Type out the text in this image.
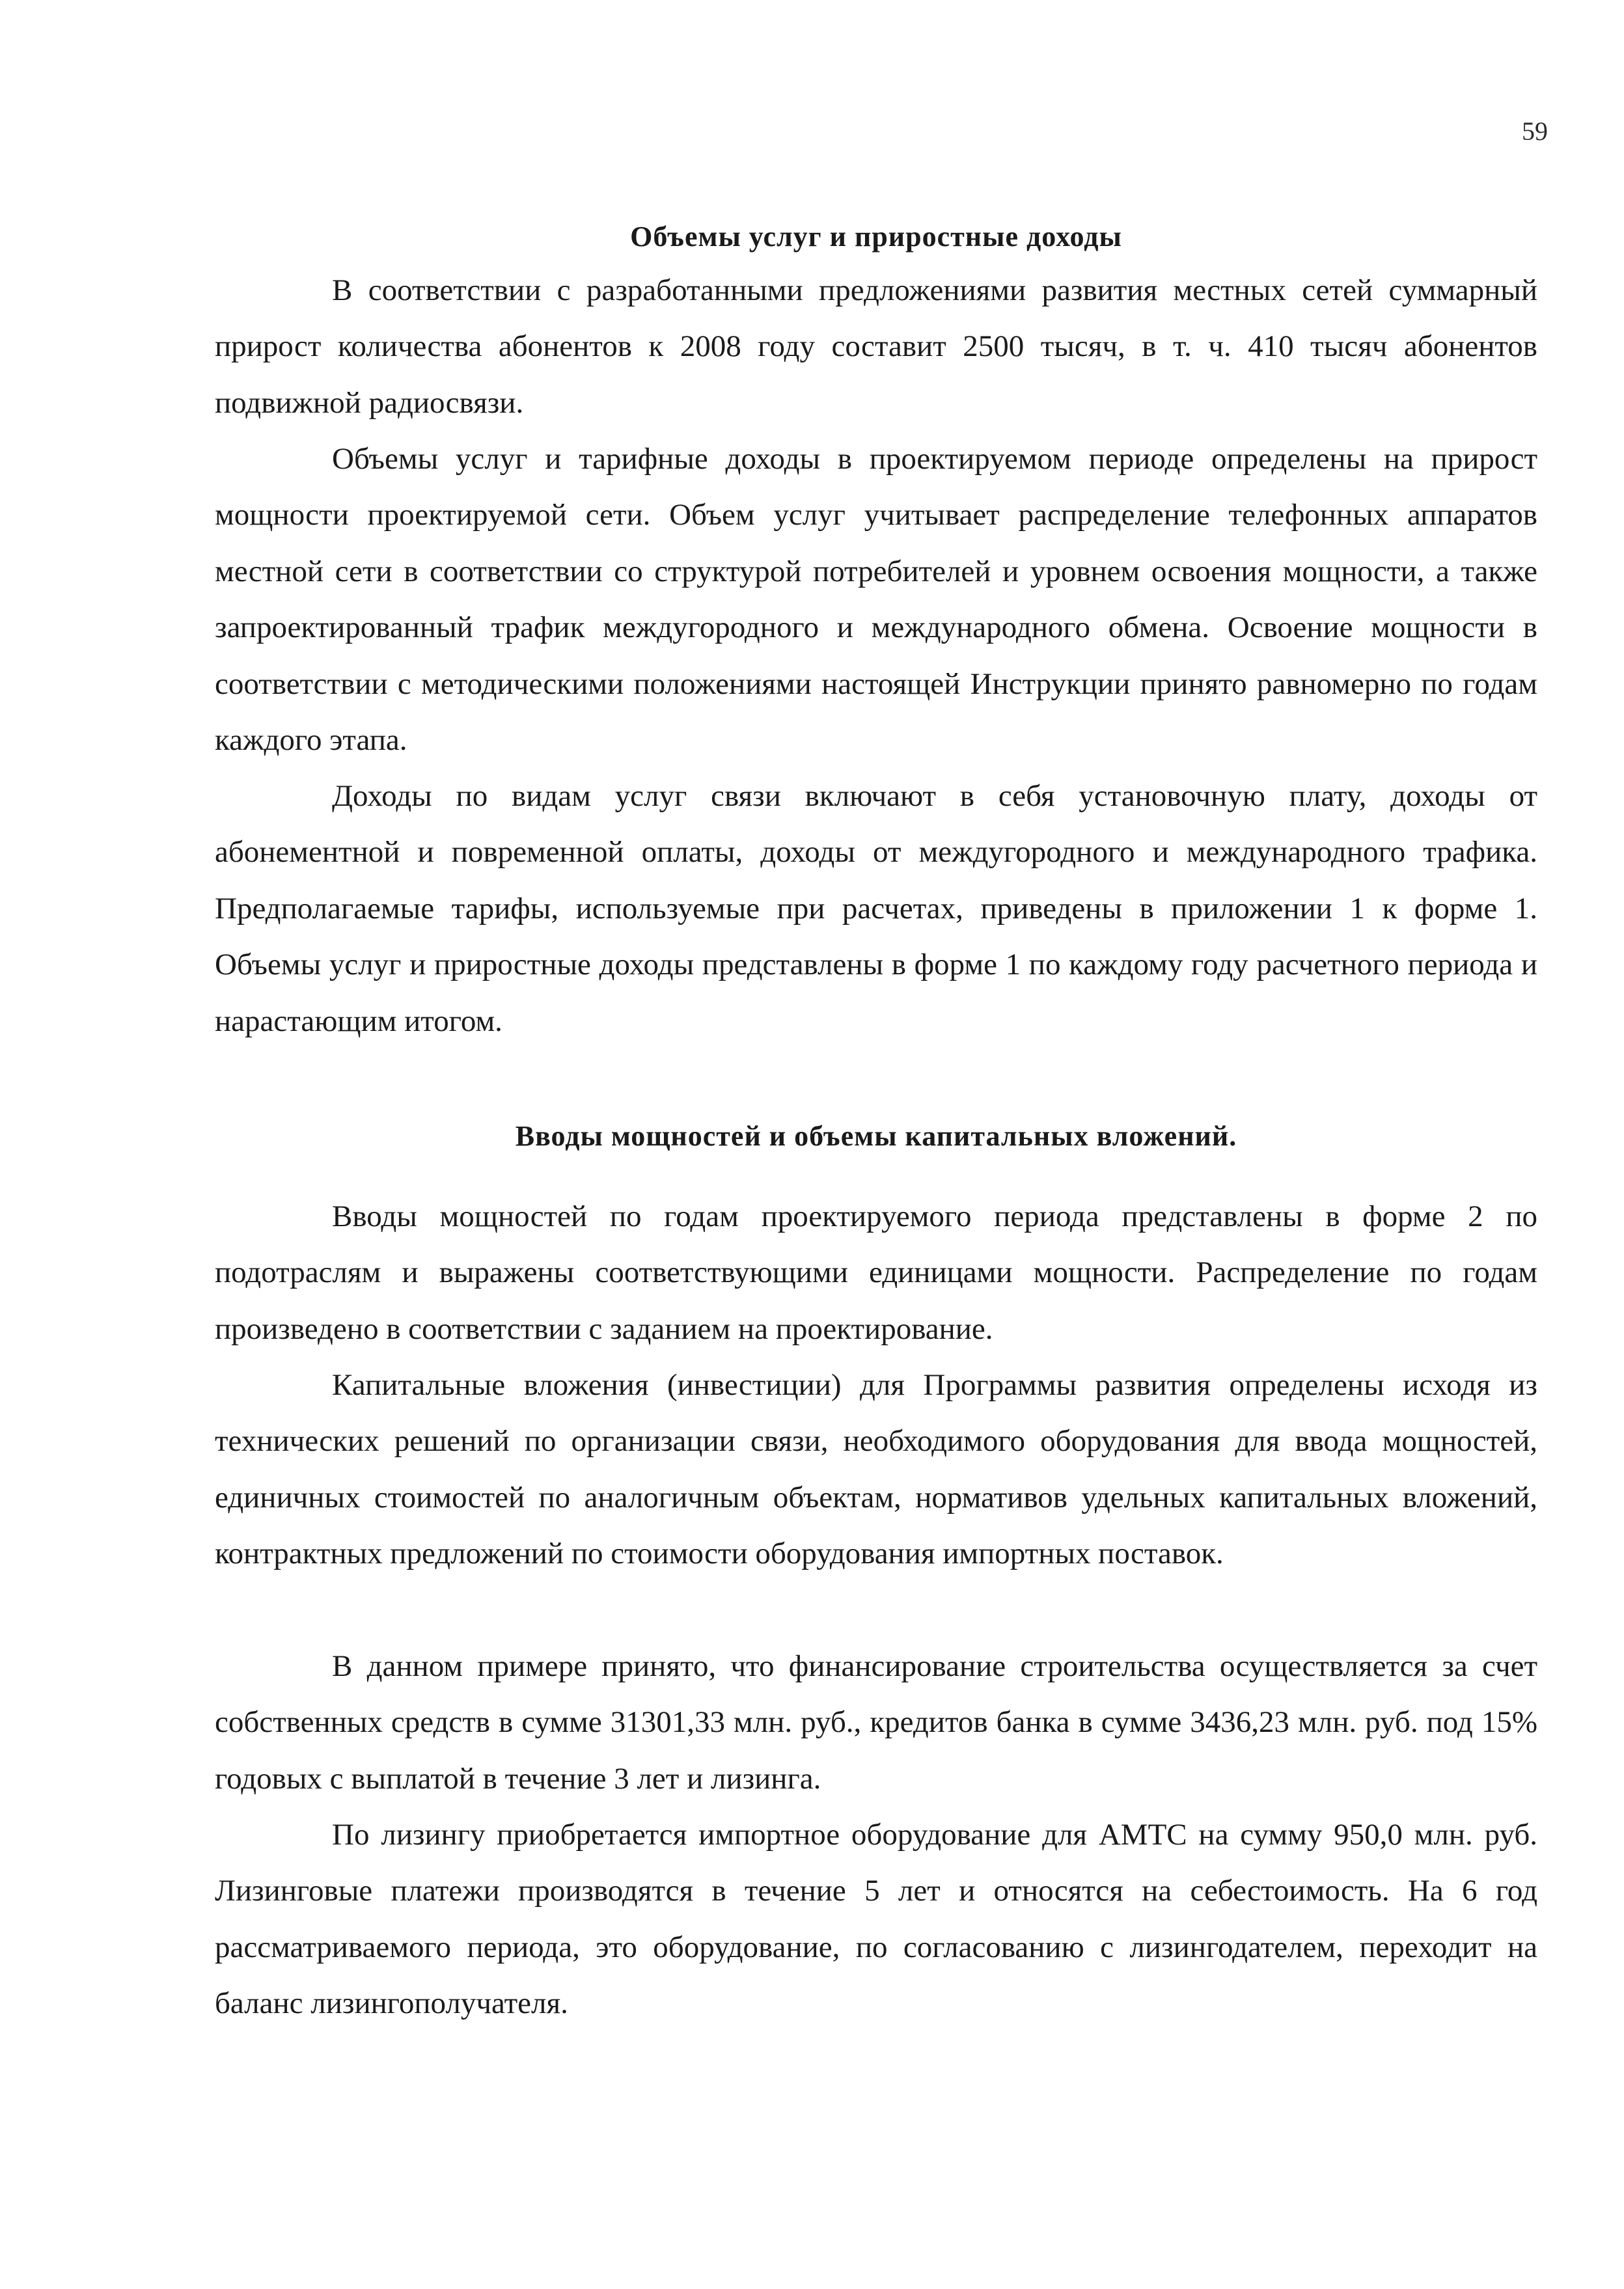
59
Объемы услуг и приростные доходы

В соответствии с разработанными предложениями развития местных сетей суммарный прирост количества абонентов к 2008 году составит 2500 тысяч, в т. ч. 410 тысяч абонентов подвижной радиосвязи.

Объемы услуг и тарифные доходы в проектируемом периоде определены на прирост мощности проектируемой сети. Объем услуг учитывает распределение телефонных аппаратов местной сети в соответствии со структурой потребителей и уровнем освоения мощности, а также запроектированный трафик междугородного и международного обмена. Освоение мощности в соответствии с методическими положениями настоящей Инструкции принято равномерно по годам каждого этапа.

Доходы по видам услуг связи включают в себя установочную плату, доходы от абонементной и повременной оплаты, доходы от междугородного и международного трафика. Предполагаемые тарифы, используемые при расчетах, приведены в приложении 1 к форме 1. Объемы услуг и приростные доходы представлены в форме 1 по каждому году расчетного периода и нарастающим итогом.

Вводы мощностей и объемы капитальных вложений.

Вводы мощностей по годам проектируемого периода представлены в форме 2 по подотраслям и выражены соответствующими единицами мощности. Распределение по годам произведено в соответствии с заданием на проектирование.

Капитальные вложения (инвестиции) для Программы развития определены исходя из технических решений по организации связи, необходимого оборудования для ввода мощностей, единичных стоимостей по аналогичным объектам, нормативов удельных капитальных вложений, контрактных предложений по стоимости оборудования импортных поставок.

В данном примере принято, что финансирование строительства осуществляется за счет собственных средств в сумме 31301,33 млн. руб., кредитов банка в сумме 3436,23 млн. руб. под 15% годовых с выплатой в течение 3 лет и лизинга.

По лизингу приобретается импортное оборудование для АМТС на сумму 950,0 млн. руб. Лизинговые платежи производятся в течение 5 лет и относятся на себестоимость. На 6 год рассматриваемого периода, это оборудование, по согласованию с лизингодателем, переходит на баланс лизингополучателя.
